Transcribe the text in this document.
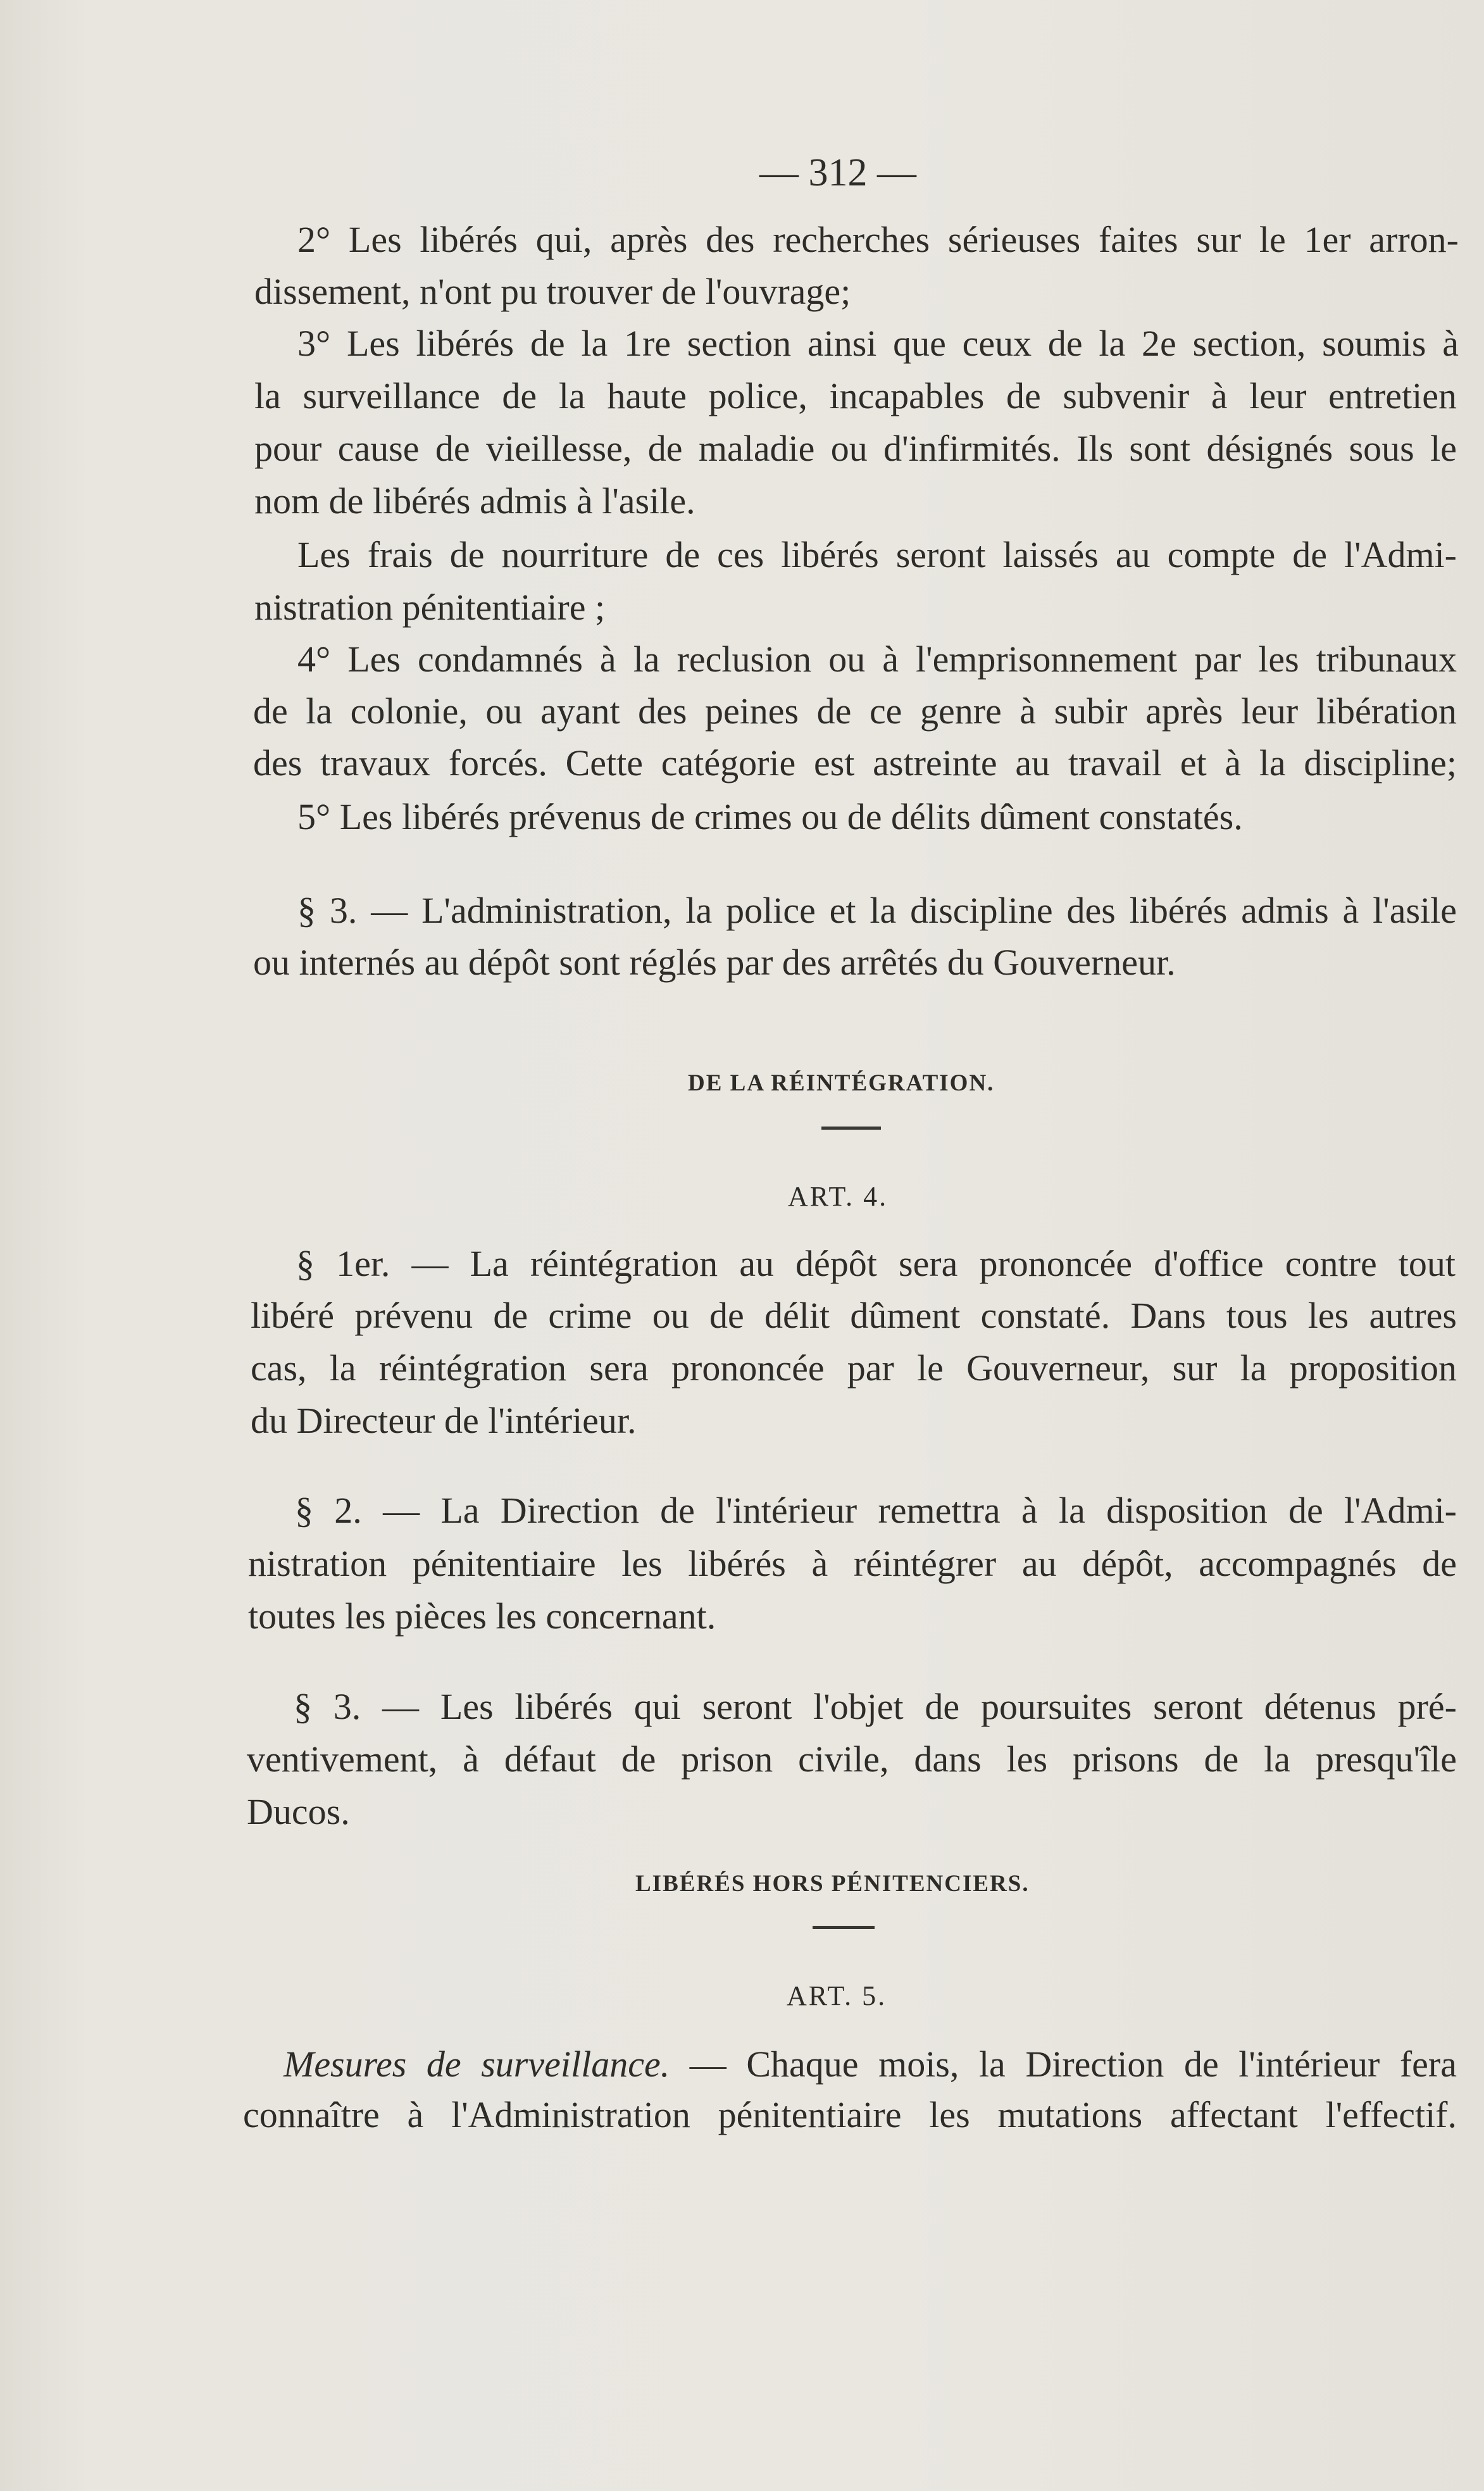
— 312 —
2° Les libérés qui, après des recherches sérieuses faites sur le 1er arron-
dissement, n'ont pu trouver de l'ouvrage;
3° Les libérés de la 1re section ainsi que ceux de la 2e section, soumis à
la surveillance de la haute police, incapables de subvenir à leur entretien
pour cause de vieillesse, de maladie ou d'infirmités. Ils sont désignés sous le
nom de libérés admis à l'asile.
Les frais de nourriture de ces libérés seront laissés au compte de l'Admi-
nistration pénitentiaire ;
4° Les condamnés à la reclusion ou à l'emprisonnement par les tribunaux
de la colonie, ou ayant des peines de ce genre à subir après leur libération
des travaux forcés. Cette catégorie est astreinte au travail et à la discipline;
5° Les libérés prévenus de crimes ou de délits dûment constatés.
§ 3. — L'administration, la police et la discipline des libérés admis à l'asile
ou internés au dépôt sont réglés par des arrêtés du Gouverneur.
DE LA RÉINTÉGRATION.
ART. 4.
§ 1er. — La réintégration au dépôt sera prononcée d'office contre tout
libéré prévenu de crime ou de délit dûment constaté. Dans tous les autres
cas, la réintégration sera prononcée par le Gouverneur, sur la proposition
du Directeur de l'intérieur.
§ 2. — La Direction de l'intérieur remettra à la disposition de l'Admi-
nistration pénitentiaire les libérés à réintégrer au dépôt, accompagnés de
toutes les pièces les concernant.
§ 3. — Les libérés qui seront l'objet de poursuites seront détenus pré-
ventivement, à défaut de prison civile, dans les prisons de la presqu'île
Ducos.
LIBÉRÉS HORS PÉNITENCIERS.
ART. 5.
Mesures de surveillance. — Chaque mois, la Direction de l'intérieur fera
connaître à l'Administration pénitentiaire les mutations affectant l'effectif.
